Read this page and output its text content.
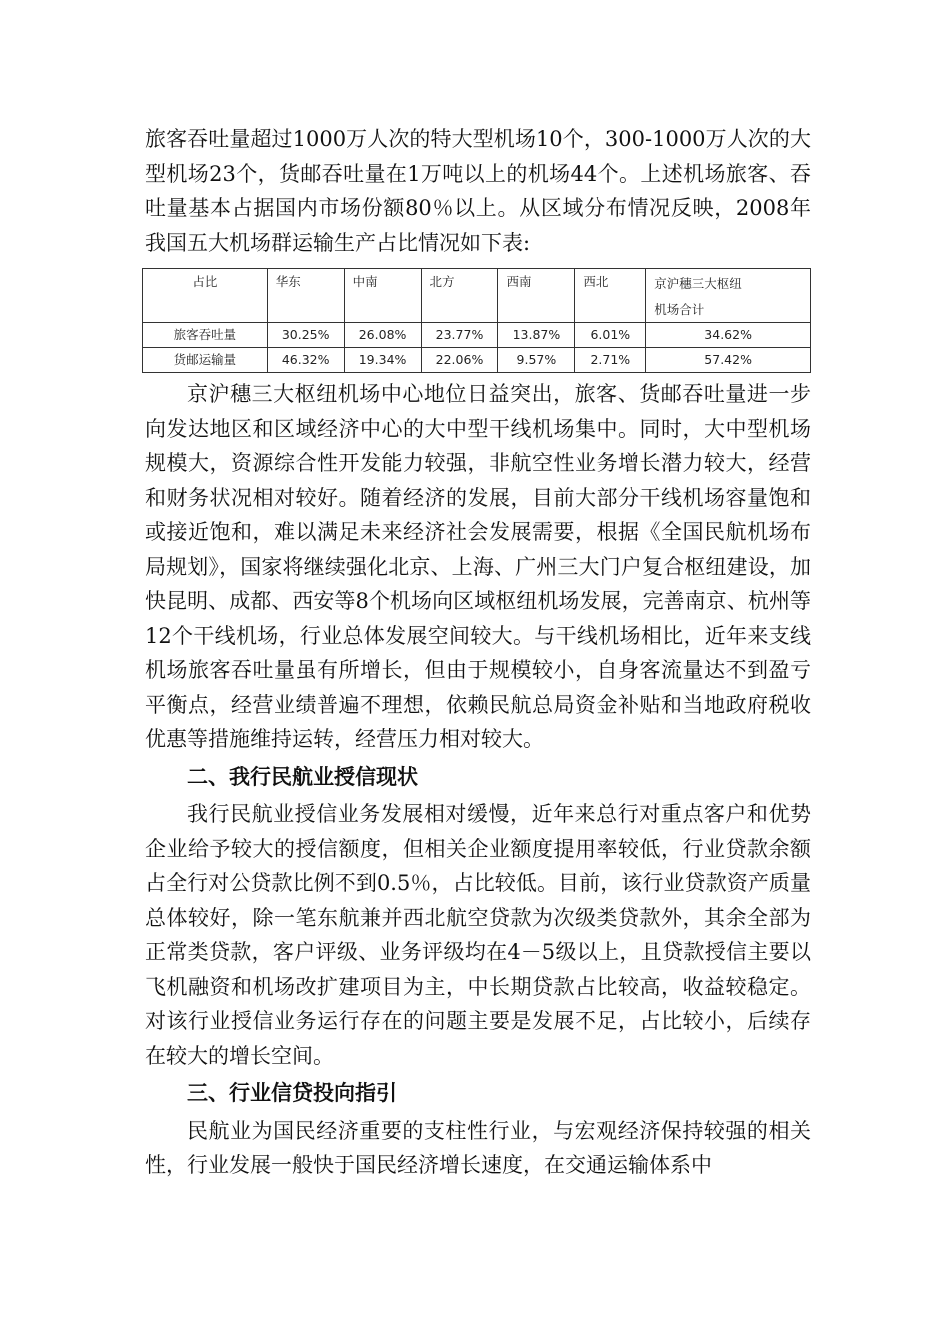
旅客吞吐量超过1000万人次的特大型机场10个，300-1000万人次的大型机场23个，货邮吞吐量在1万吨以上的机场44个。上述机场旅客、吞吐量基本占据国内市场份额80％以上。从区域分布情况反映，2008年我国五大机场群运输生产占比情况如下表:

占比	华东	中南	北方	西南	西北	京沪穗三大枢纽
机场合计

旅客吞吐量	30.25%	26.08%	23.77%	13.87%	6.01%	34.62%
货邮运输量	46.32%	19.34%	22.06%	9.57%	2.71%	57.42%

京沪穗三大枢纽机场中心地位日益突出，旅客、货邮吞吐量进一步向发达地区和区域经济中心的大中型干线机场集中。同时，大中型机场规模大，资源综合性开发能力较强，非航空性业务增长潜力较大，经营和财务状况相对较好。随着经济的发展，目前大部分干线机场容量饱和或接近饱和，难以满足未来经济社会发展需要，根据《全国民航机场布局规划》，国家将继续强化北京、上海、广州三大门户复合枢纽建设，加快昆明、成都、西安等8个机场向区域枢纽机场发展，完善南京、杭州等12个干线机场，行业总体发展空间较大。与干线机场相比，近年来支线机场旅客吞吐量虽有所增长，但由于规模较小，自身客流量达不到盈亏平衡点，经营业绩普遍不理想，依赖民航总局资金补贴和当地政府税收优惠等措施维持运转，经营压力相对较大。

二、我行民航业授信现状

我行民航业授信业务发展相对缓慢，近年来总行对重点客户和优势企业给予较大的授信额度，但相关企业额度提用率较低，行业贷款余额占全行对公贷款比例不到0.5％，占比较低。目前，该行业贷款资产质量总体较好，除一笔东航兼并西北航空贷款为次级类贷款外，其余全部为正常类贷款，客户评级、业务评级均在4－5级以上，且贷款授信主要以飞机融资和机场改扩建项目为主，中长期贷款占比较高，收益较稳定。对该行业授信业务运行存在的问题主要是发展不足，占比较小，后续存在较大的增长空间。

三、行业信贷投向指引

民航业为国民经济重要的支柱性行业，与宏观经济保持较强的相关性，行业发展一般快于国民经济增长速度，在交通运输体系中
